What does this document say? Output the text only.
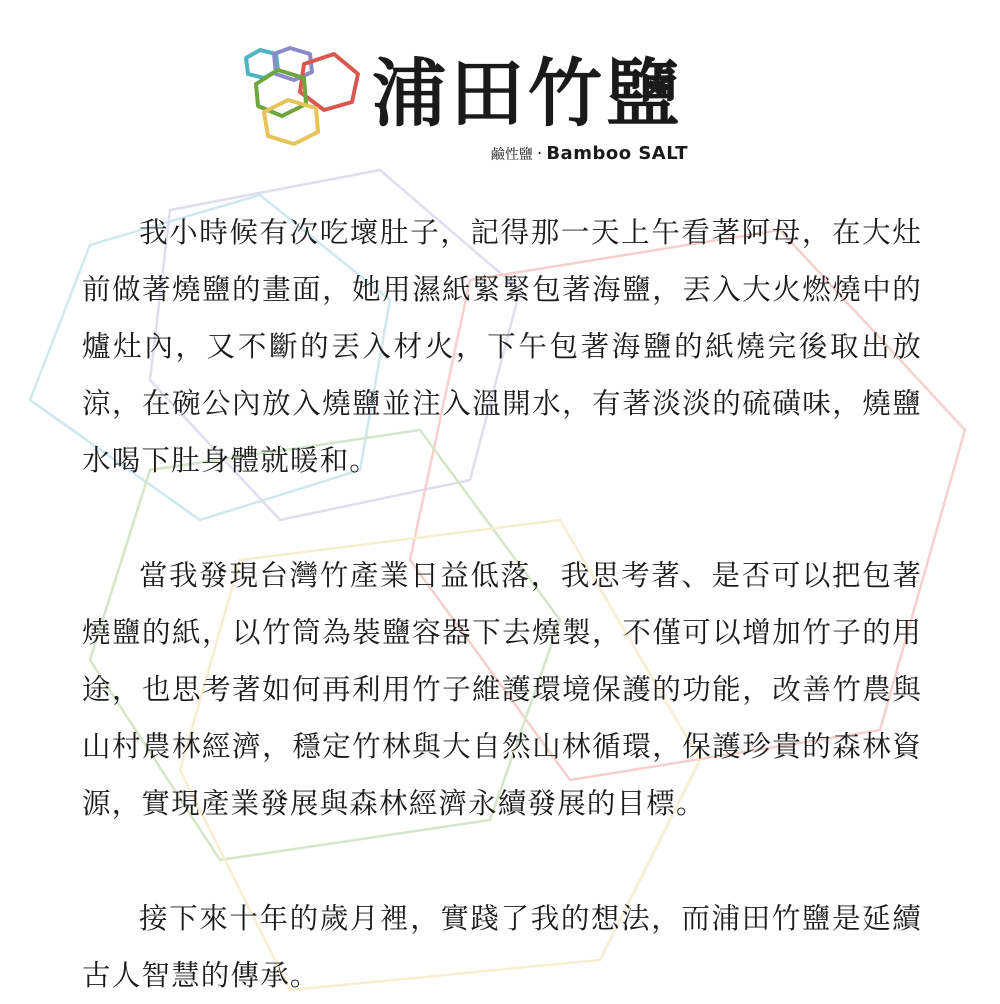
浦田竹鹽
鹼性鹽 · Bamboo SALT

我小時候有次吃壞肚子，記得那一天上午看著阿母，在大灶前做著燒鹽的畫面，她用濕紙緊緊包著海鹽，丟入大火燃燒中的爐灶內，又不斷的丟入材火，下午包著海鹽的紙燒完後取出放涼，在碗公內放入燒鹽並注入溫開水，有著淡淡的硫磺味，燒鹽水喝下肚身體就暖和。

當我發現台灣竹產業日益低落，我思考著、是否可以把包著燒鹽的紙，以竹筒為裝鹽容器下去燒製，不僅可以增加竹子的用途，也思考著如何再利用竹子維護環境保護的功能，改善竹農與山村農林經濟，穩定竹林與大自然山林循環，保護珍貴的森林資源，實現產業發展與森林經濟永續發展的目標。

接下來十年的歲月裡，實踐了我的想法，而浦田竹鹽是延續古人智慧的傳承。
